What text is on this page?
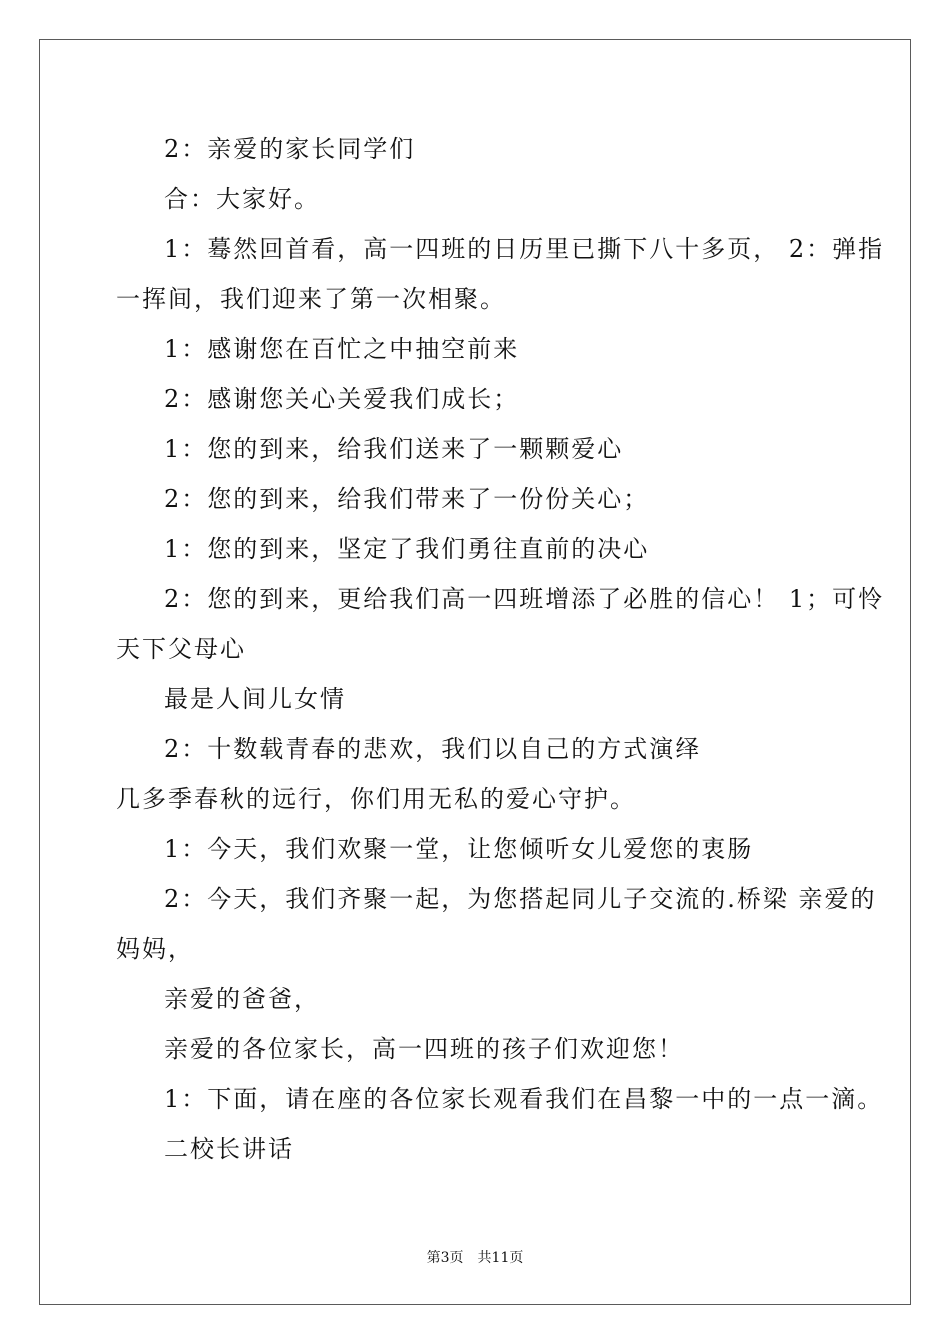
2：亲爱的家长同学们

合：大家好。

1：蓦然回首看，高一四班的日历里已撕下八十多页， 2：弹指

一挥间，我们迎来了第一次相聚。

1：感谢您在百忙之中抽空前来

2：感谢您关心关爱我们成长；

1：您的到来，给我们送来了一颗颗爱心

2：您的到来，给我们带来了一份份关心；

1：您的到来，坚定了我们勇往直前的决心

2：您的到来，更给我们高一四班增添了必胜的信心！ 1；可怜

天下父母心

最是人间儿女情

2：十数载青春的悲欢，我们以自己的方式演绎

几多季春秋的远行，你们用无私的爱心守护。

1：今天，我们欢聚一堂，让您倾听女儿爱您的衷肠

2：今天，我们齐聚一起，为您搭起同儿子交流的.桥梁 亲爱的

妈妈，

亲爱的爸爸，

亲爱的各位家长，高一四班的孩子们欢迎您！

1：下面，请在座的各位家长观看我们在昌黎一中的一点一滴。

二校长讲话

第3页 共11页
